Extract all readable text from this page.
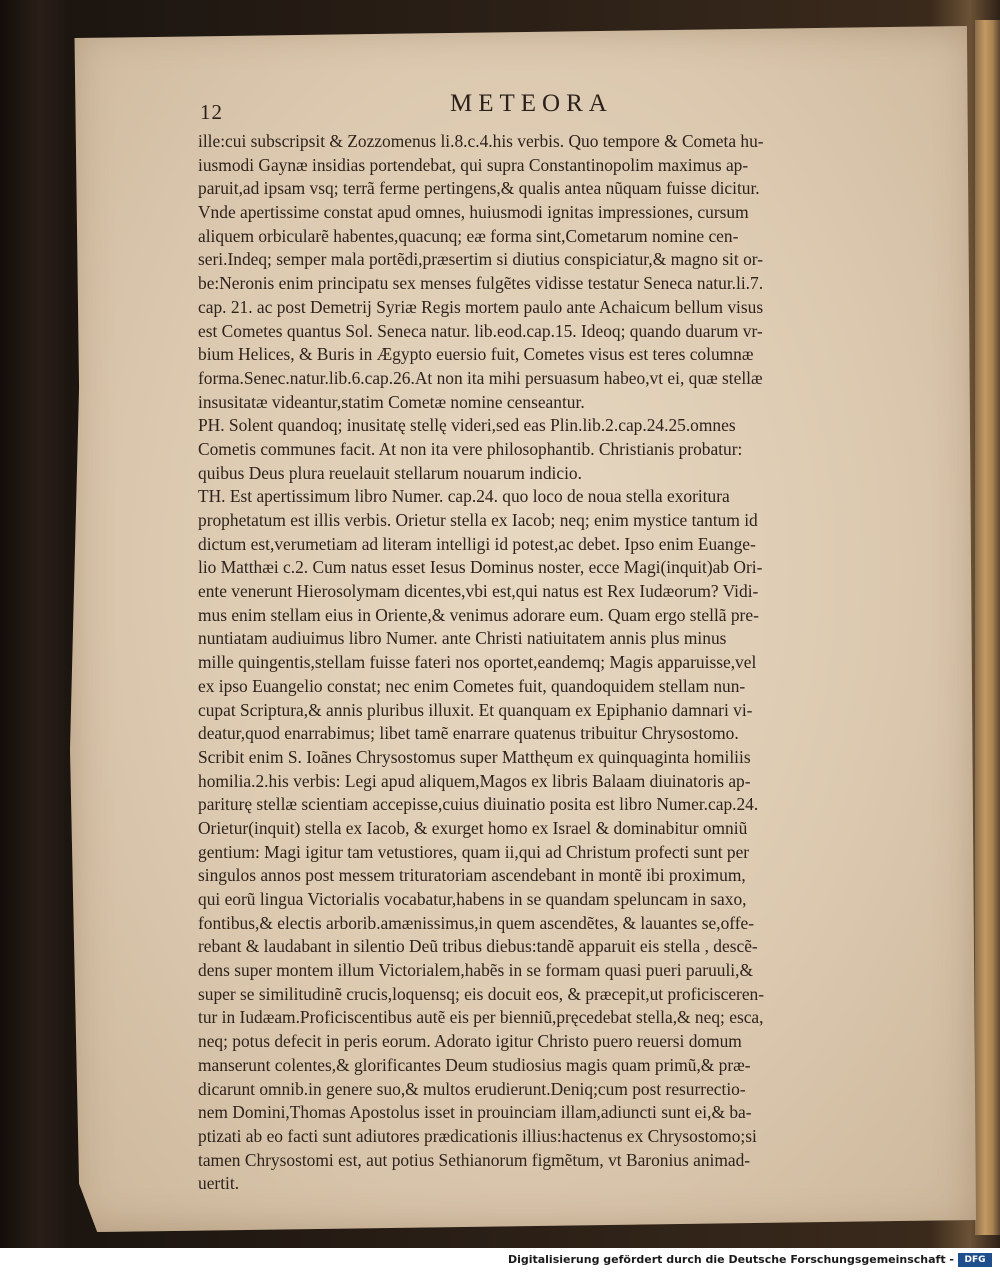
12	METEORA
ille:cui subscripsit & Zozzomenus li.8.c.4.his verbis. Quo tempore & Cometa hu-
iusmodi Gaynæ insidias portendebat, qui supra Constantinopolim maximus ap-
paruit,ad ipsam vsq; terrã ferme pertingens,& qualis antea nũquam fuisse dicitur.
Vnde apertissime constat apud omnes, huiusmodi ignitas impressiones, cursum
aliquem orbicularẽ habentes,quacunq; eæ forma sint,Cometarum nomine cen-
seri.Indeq; semper mala portẽdi,præsertim si diutius conspiciatur,& magno sit or-
be:Neronis enim principatu sex menses fulgẽtes vidisse testatur Seneca natur.li.7.
cap. 21. ac post Demetrij Syriæ Regis mortem paulo ante Achaicum bellum visus
est Cometes quantus Sol. Seneca natur. lib.eod.cap.15. Ideoq; quando duarum vr-
bium Helices, & Buris in Ægypto euersio fuit, Cometes visus est teres columnæ
forma.Senec.natur.lib.6.cap.26.At non ita mihi persuasum habeo,vt ei, quæ stellæ
insusitatæ videantur,statim Cometæ nomine censeantur.
PH. Solent quandoq; inusitatę stellę videri,sed eas Plin.lib.2.cap.24.25.omnes
Cometis communes facit. At non ita vere philosophantib. Christianis probatur:
quibus Deus plura reuelauit stellarum nouarum indicio.
TH. Est apertissimum libro Numer. cap.24. quo loco de noua stella exoritura
prophetatum est illis verbis. Orietur stella ex Iacob; neq; enim mystice tantum id
dictum est,verumetiam ad literam intelligi id potest,ac debet. Ipso enim Euange-
lio Matthæi c.2. Cum natus esset Iesus Dominus noster, ecce Magi(inquit)ab Ori-
ente venerunt Hierosolymam dicentes,vbi est,qui natus est Rex Iudæorum? Vidi-
mus enim stellam eius in Oriente,& venimus adorare eum. Quam ergo stellã pre-
nuntiatam audiuimus libro Numer. ante Christi natiuitatem annis plus minus
mille quingentis,stellam fuisse fateri nos oportet,eandemq; Magis apparuisse,vel
ex ipso Euangelio constat; nec enim Cometes fuit, quandoquidem stellam nun-
cupat Scriptura,& annis pluribus illuxit. Et quanquam ex Epiphanio damnari vi-
deatur,quod enarrabimus; libet tamẽ enarrare quatenus tribuitur Chrysostomo.
Scribit enim S. Ioãnes Chrysostomus super Matthęum ex quinquaginta homiliis
homilia.2.his verbis: Legi apud aliquem,Magos ex libris Balaam diuinatoris ap-
pariturę stellæ scientiam accepisse,cuius diuinatio posita est libro Numer.cap.24.
Orietur(inquit) stella ex Iacob, & exurget homo ex Israel & dominabitur omniũ
gentium: Magi igitur tam vetustiores, quam ii,qui ad Christum profecti sunt per
singulos annos post messem trituratoriam ascendebant in montẽ ibi proximum,
qui eorũ lingua Victorialis vocabatur,habens in se quandam speluncam in saxo,
fontibus,& electis arborib.amænissimus,in quem ascendẽtes, & lauantes se,offe-
rebant & laudabant in silentio Deũ tribus diebus:tandẽ apparuit eis stella , descẽ-
dens super montem illum Victorialem,habẽs in se formam quasi pueri paruuli,&
super se similitudinẽ crucis,loquensq; eis docuit eos, & præcepit,ut proficisceren-
tur in Iudæam.Proficiscentibus autẽ eis per bienniũ,pręcedebat stella,& neq; esca,
neq; potus defecit in peris eorum. Adorato igitur Christo puero reuersi domum
manserunt colentes,& glorificantes Deum studiosius magis quam primũ,& præ-
dicarunt omnib.in genere suo,& multos erudierunt.Deniq;cum post resurrectio-
nem Domini,Thomas Apostolus isset in prouinciam illam,adiuncti sunt ei,& ba-
ptizati ab eo facti sunt adiutores prædicationis illius:hactenus ex Chrysostomo;si
tamen Chrysostomi est, aut potius Sethianorum figmẽtum, vt Baronius animad-
uertit.
Digitalisierung gefördert durch die Deutsche Forschungsgemeinschaft -	DFG
